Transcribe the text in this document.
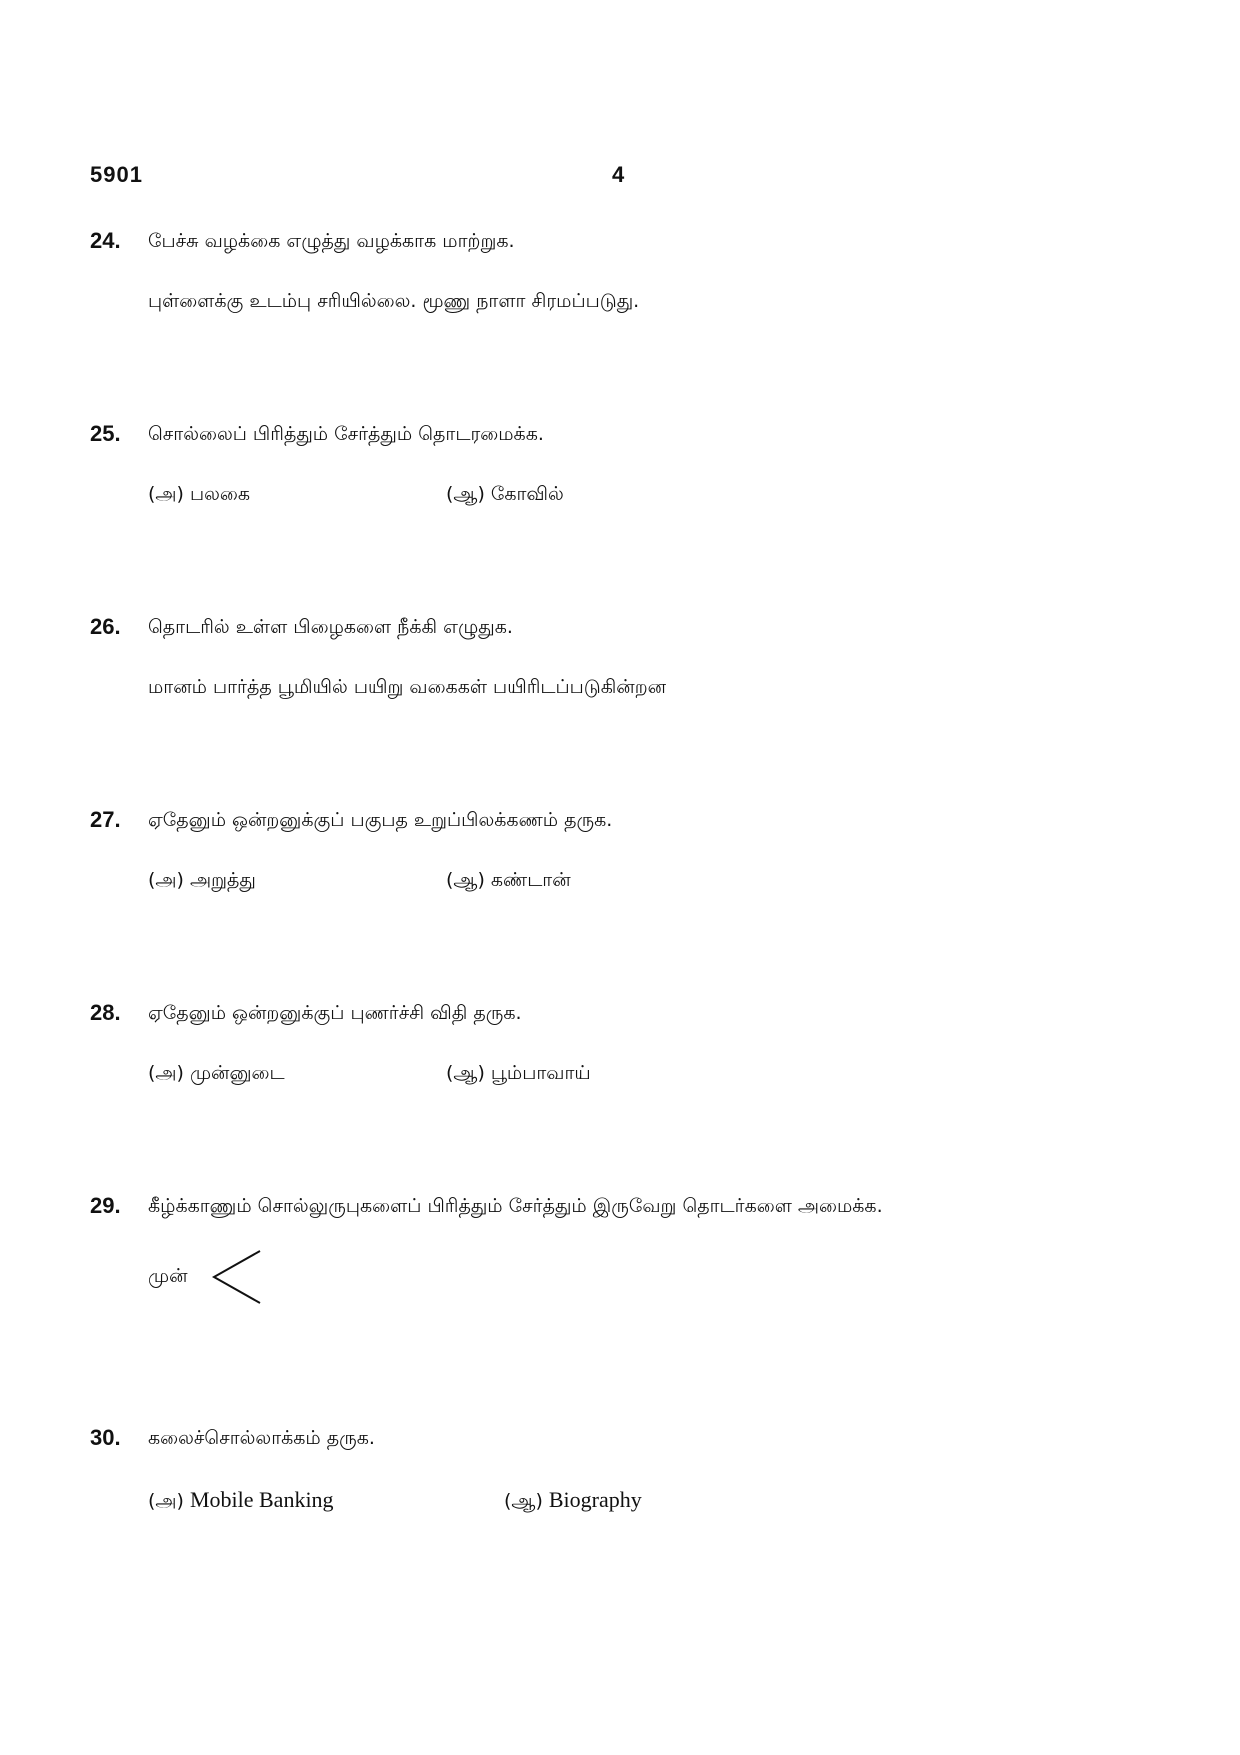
5901	4
24. பேச்சு வழக்கை எழுத்து வழக்காக மாற்றுக.
புள்ளைக்கு உடம்பு சரியில்லை. மூணு நாளா சிரமப்படுது.
25. சொல்லைப் பிரித்தும் சேர்த்தும் தொடரமைக்க.
(அ) பலகை	(ஆ) கோவில்
26. தொடரில் உள்ள பிழைகளை நீக்கி எழுதுக.
மானம் பார்த்த பூமியில் பயிறு வகைகள் பயிரிடப்படுகின்றன
27. ஏதேனும் ஒன்றனுக்குப் பகுபத உறுப்பிலக்கணம் தருக.
(அ) அறுத்து	(ஆ) கண்டான்
28. ஏதேனும் ஒன்றனுக்குப் புணர்ச்சி விதி தருக.
(அ) முன்னுடை	(ஆ) பூம்பாவாய்
29. கீழ்க்காணும் சொல்லுருபுகளைப் பிரித்தும் சேர்த்தும் இருவேறு தொடர்களை அமைக்க.
முன்
30. கலைச்சொல்லாக்கம் தருக.
(அ) Mobile Banking	(ஆ) Biography
